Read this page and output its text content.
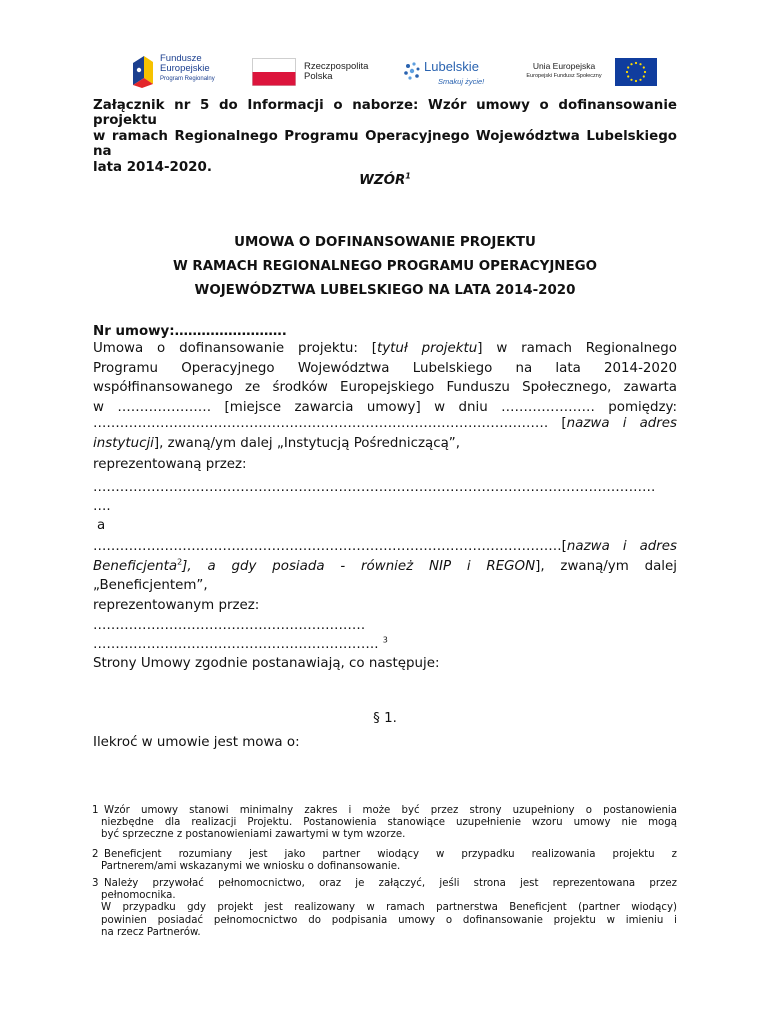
Fundusze
Europejskie
Program Regionalny
Rzeczpospolita
Polska
Lubelskie
Smakuj życie!
Unia Europejska
Europejski Fundusz Społeczny
Załącznik nr 5 do Informacji o naborze: Wzór umowy o dofinansowanie projektu
w ramach Regionalnego Programu Operacyjnego Województwa Lubelskiego na
lata 2014-2020.
WZÓR$^1$
UMOWA O DOFINANSOWANIE PROJEKTU
W RAMACH REGIONALNEGO PROGRAMU OPERACYJNEGO
WOJEWÓDZTWA LUBELSKIEGO NA LATA 2014-2020
Nr umowy:…………………….
Umowa o dofinansowanie projektu: [tytuł projektu] w ramach Regionalnego
Programu Operacyjnego Województwa Lubelskiego na lata 2014-2020
współfinansowanego ze środków Europejskiego Funduszu Społecznego, zawarta
w ………………… [miejsce zawarcia umowy] w dniu ………………… pomiędzy:
………………………………………………………………………………………… [nazwa i adres
instytucji], zwaną/ym dalej „Instytucją Pośredniczącą”,
reprezentowaną przez:
………………………………………………………………………………………………………………
….
a
……………………………………………………………………………………………[nazwa i adres
Beneficjenta$^2$], a gdy posiada - również NIP i REGON], zwaną/ym dalej
„Beneficjentem”,
reprezentowanym przez:
…………………………………………………….
………………………………………………………. $^3$
Strony Umowy zgodnie postanawiają, co następuje:
§ 1.
Ilekroć w umowie jest mowa o:
1 Wzór umowy stanowi minimalny zakres i może być przez strony uzupełniony o postanowienia
niezbędne dla realizacji Projektu. Postanowienia stanowiące uzupełnienie wzoru umowy nie mogą
być sprzeczne z postanowieniami zawartymi w tym wzorze.
2 Beneficjent rozumiany jest jako partner wiodący w przypadku realizowania projektu z
Partnerem/ami wskazanymi we wniosku o dofinansowanie.
3 Należy przywołać pełnomocnictwo, oraz je załączyć, jeśli strona jest reprezentowana przez
pełnomocnika.
W przypadku gdy projekt jest realizowany w ramach partnerstwa Beneficjent (partner wiodący)
powinien posiadać pełnomocnictwo do podpisania umowy o dofinansowanie projektu w imieniu i
na rzecz Partnerów.
